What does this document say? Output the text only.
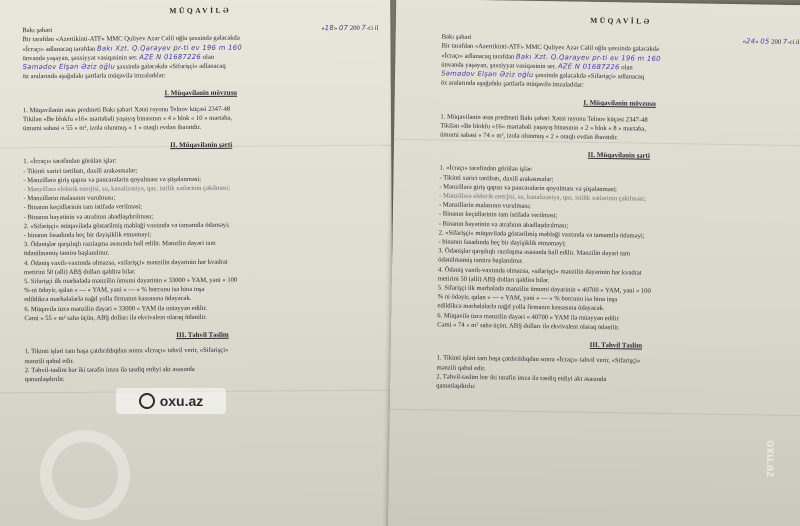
MÜQAVİLƏ
Bakı şəhəri	«18» 07 200 7-ci il
Bir tərəfdən «Azertikinti-ATF» MMC Quliyev Azər Cəlil oğlu şəxsində gələcəkdə
«İcraçı» adlanacaq tərəfdən Bakı Xzt. Q.Qarayev pr-ti ev 196 m 160
ünvanda yaşayan, şəxsiyyət vəsiqəsinin ser. AZE N 01687226 olan
Səmədov Elşən Əziz oğlu şəxsində gələcəkdə «Sifarişçi» adlanacaq
öz aralarında aşağıdakı şərtlərlə müqavilə imzaladılar:
I. Müqavilənin mövzusu
1. Müqavilənin əsas predmeti Bakı şəhəri Xətai rayonu Telnov küçəsi 2347-48
Tikilən «Be blokfu »16« mərtəbəli yaşayış binasının « 4 » blok « 10 » mərtəbə,
ümumi sahəsi « 55 » m², izola olunmuş « 1 » otaqlı evdən ibarətdir.
II. Müqavilənin şərti
1. «İcraçı» tərəfindən görülən işlər:
- Tikinti xarici tərtibatı, daxili arakəsmələr;
- Mənzillərə giriş qapısı və pəncərələrin qoyulması və şüşələnməsi;
- Mənzillərə elektrik enerjisi, su, kanalizasiya, qaz, istilik xətlərinin çəkilməsi;
- Mənzillərin malasının vurulması;
- Binanın keçidlərinin tam istifadə verilməsi;
- Binanın həyətinin və ətrafının abadlaşdırılması;
2. «Sifarişçi» müqavilədə göstərilmiş məbləği vaxtında və tamamilə ödəməyi;
- binanın fasadında heç bir dəyişiklik etməməyi;
3. Ödənişlər qarşılıqlı razılaşma əsasında hall edilir. Mənzilin dəyəri tam
ödənilməmiş təmirə başlanılmır.
4. Ödəniş vaxtlı-vaxtında olmazsa, «sifarişçi» mənzilin dəyərinin hər kvadrat
metirini 50 (əlli) ABŞ dolları qəldirə bilər.
5. Sifarişçi ilk mərhələdə mənzilin ümumi dəyərinin « 33000 » YAM, yəni « 100
%-ni ödəyir, qalan « — » YAM, yəni « — » % borcunu isə bina inşa
edildikcə mərhələlərlə nağd yolla firmanın kassasına ödəyəcək.
6. Müqavilə üzrə mənzilin dəyəri « 33000 » YAM ilə müəyyən edilir.
Cəmi « 55 » m² sahə üçün, ABŞ dolları ilə ekvivalent olaraq ödənilir.
III. Təhvil Təslim
1. Tikinti işləri tam başa çatdırıldıqdan sonra «İcraçı» təhvil verir, «Sifarişçi»
mənzili qəbul edir.
2. Təhvil-təslim hər iki tərəfin imza ilə təsdiq etdiyi akt əsasında
qanunlaşdırılır.
MÜQAVİLƏ
Bakı şəhəri
«24» 05 200 7-ci il
Bir tərəfdən «Azertikinti-ATF» MMC Quliyev Azər Cəlil oğlu şəxsində gələcəkdə
«İcraçı» adlanacaq tərəfdən Bakı Xzt. Q.Qarayev pr-ti ev 196 m 160
ünvanda yaşayan, şəxsiyyət vəsiqəsinin ser. AZE N 01687226 olan
Səmədov Elşən Əziz oğlu şəxsində gələcəkdə «Sifarişçi» adlanacaq
öz aralarında aşağıdakı şərtlərlə müqavilə imzaladılar:
I. Müqavilənin mövzusu
1. Müqavilənin əsas predmeti Bakı şəhəri Xətai rayonu Telnov küçəsi 2347-48
Tikilən «Be blokfu »16« mərtəbəli yaşayış binasının « 2 » blok « 8 » mərtəbə,
ümumi sahəsi « 74 » m², izola olunmuş « 2 » otaqlı evdən ibarətdir.
II. Müqavilənin şərti
1. «İcraçı» tərəfindən görülən işlər:
- Tikinti xarici tərtibatı, daxili arakəsmələr;
- Mənzillərə giriş qapısı və pəncərələrin qoyulması və şüşələnməsi;
- Mənzillərə elektrik enerjisi, su, kanalizasiya, qaz, istilik xətlərinin çəkilməsi;
- Mənzillərin malasının vurulması;
- Binanın keçidlərinin tam istifadə verilməsi;
- Binanın həyətinin və ətrafının abadlaşdırılması;
2. «Sifarişçi» müqavilədə göstərilmiş məbləği vaxtında və tamamilə ödəməyi;
- binanın fasadında heç bir dəyişiklik etməməyi;
3. Ödənişlər qarşılıqlı razılaşma əsasında hall edilir. Mənzilin dəyəri tam
ödənilməmiş təmirə başlanılmır.
4. Ödəniş vaxtlı-vaxtında olmazsa, «sifarişçi» mənzilin dəyərinin hər kvadrat
metirini 50 (əlli) ABŞ dolları qəldirə bilər.
5. Sifarişçi ilk mərhələdə mənzilin ümumi dəyərinin « 40700 » YAM, yəni « 100
% ni ödəyir, qalan « — » YAM, yəni « — » % borcunu isə bina inşa
edildikcə mərhələlərlə nağd yolla firmanın kassasına ödəyəcək.
6. Müqavilə üzrə mənzilin dəyəri « 40700 » YAM ilə müəyyən edilir.
Cəmi « 74 » m² sahə üçün, ABŞ dolları ilə ekvivalent olaraq ödənilir.
III. Təhvil Təslim
1. Tikinti işləri tam başa çatdırıldıqdan sonra «İcraçı» təhvil verir, «Sifarişçi»
mənzili qəbul edir.
2. Təhvil-təslim hər iki tərəfin imza ilə təsdiq etdiyi akt əsasında
qanunlaşdırılır.
oxu.az
oxu.az
